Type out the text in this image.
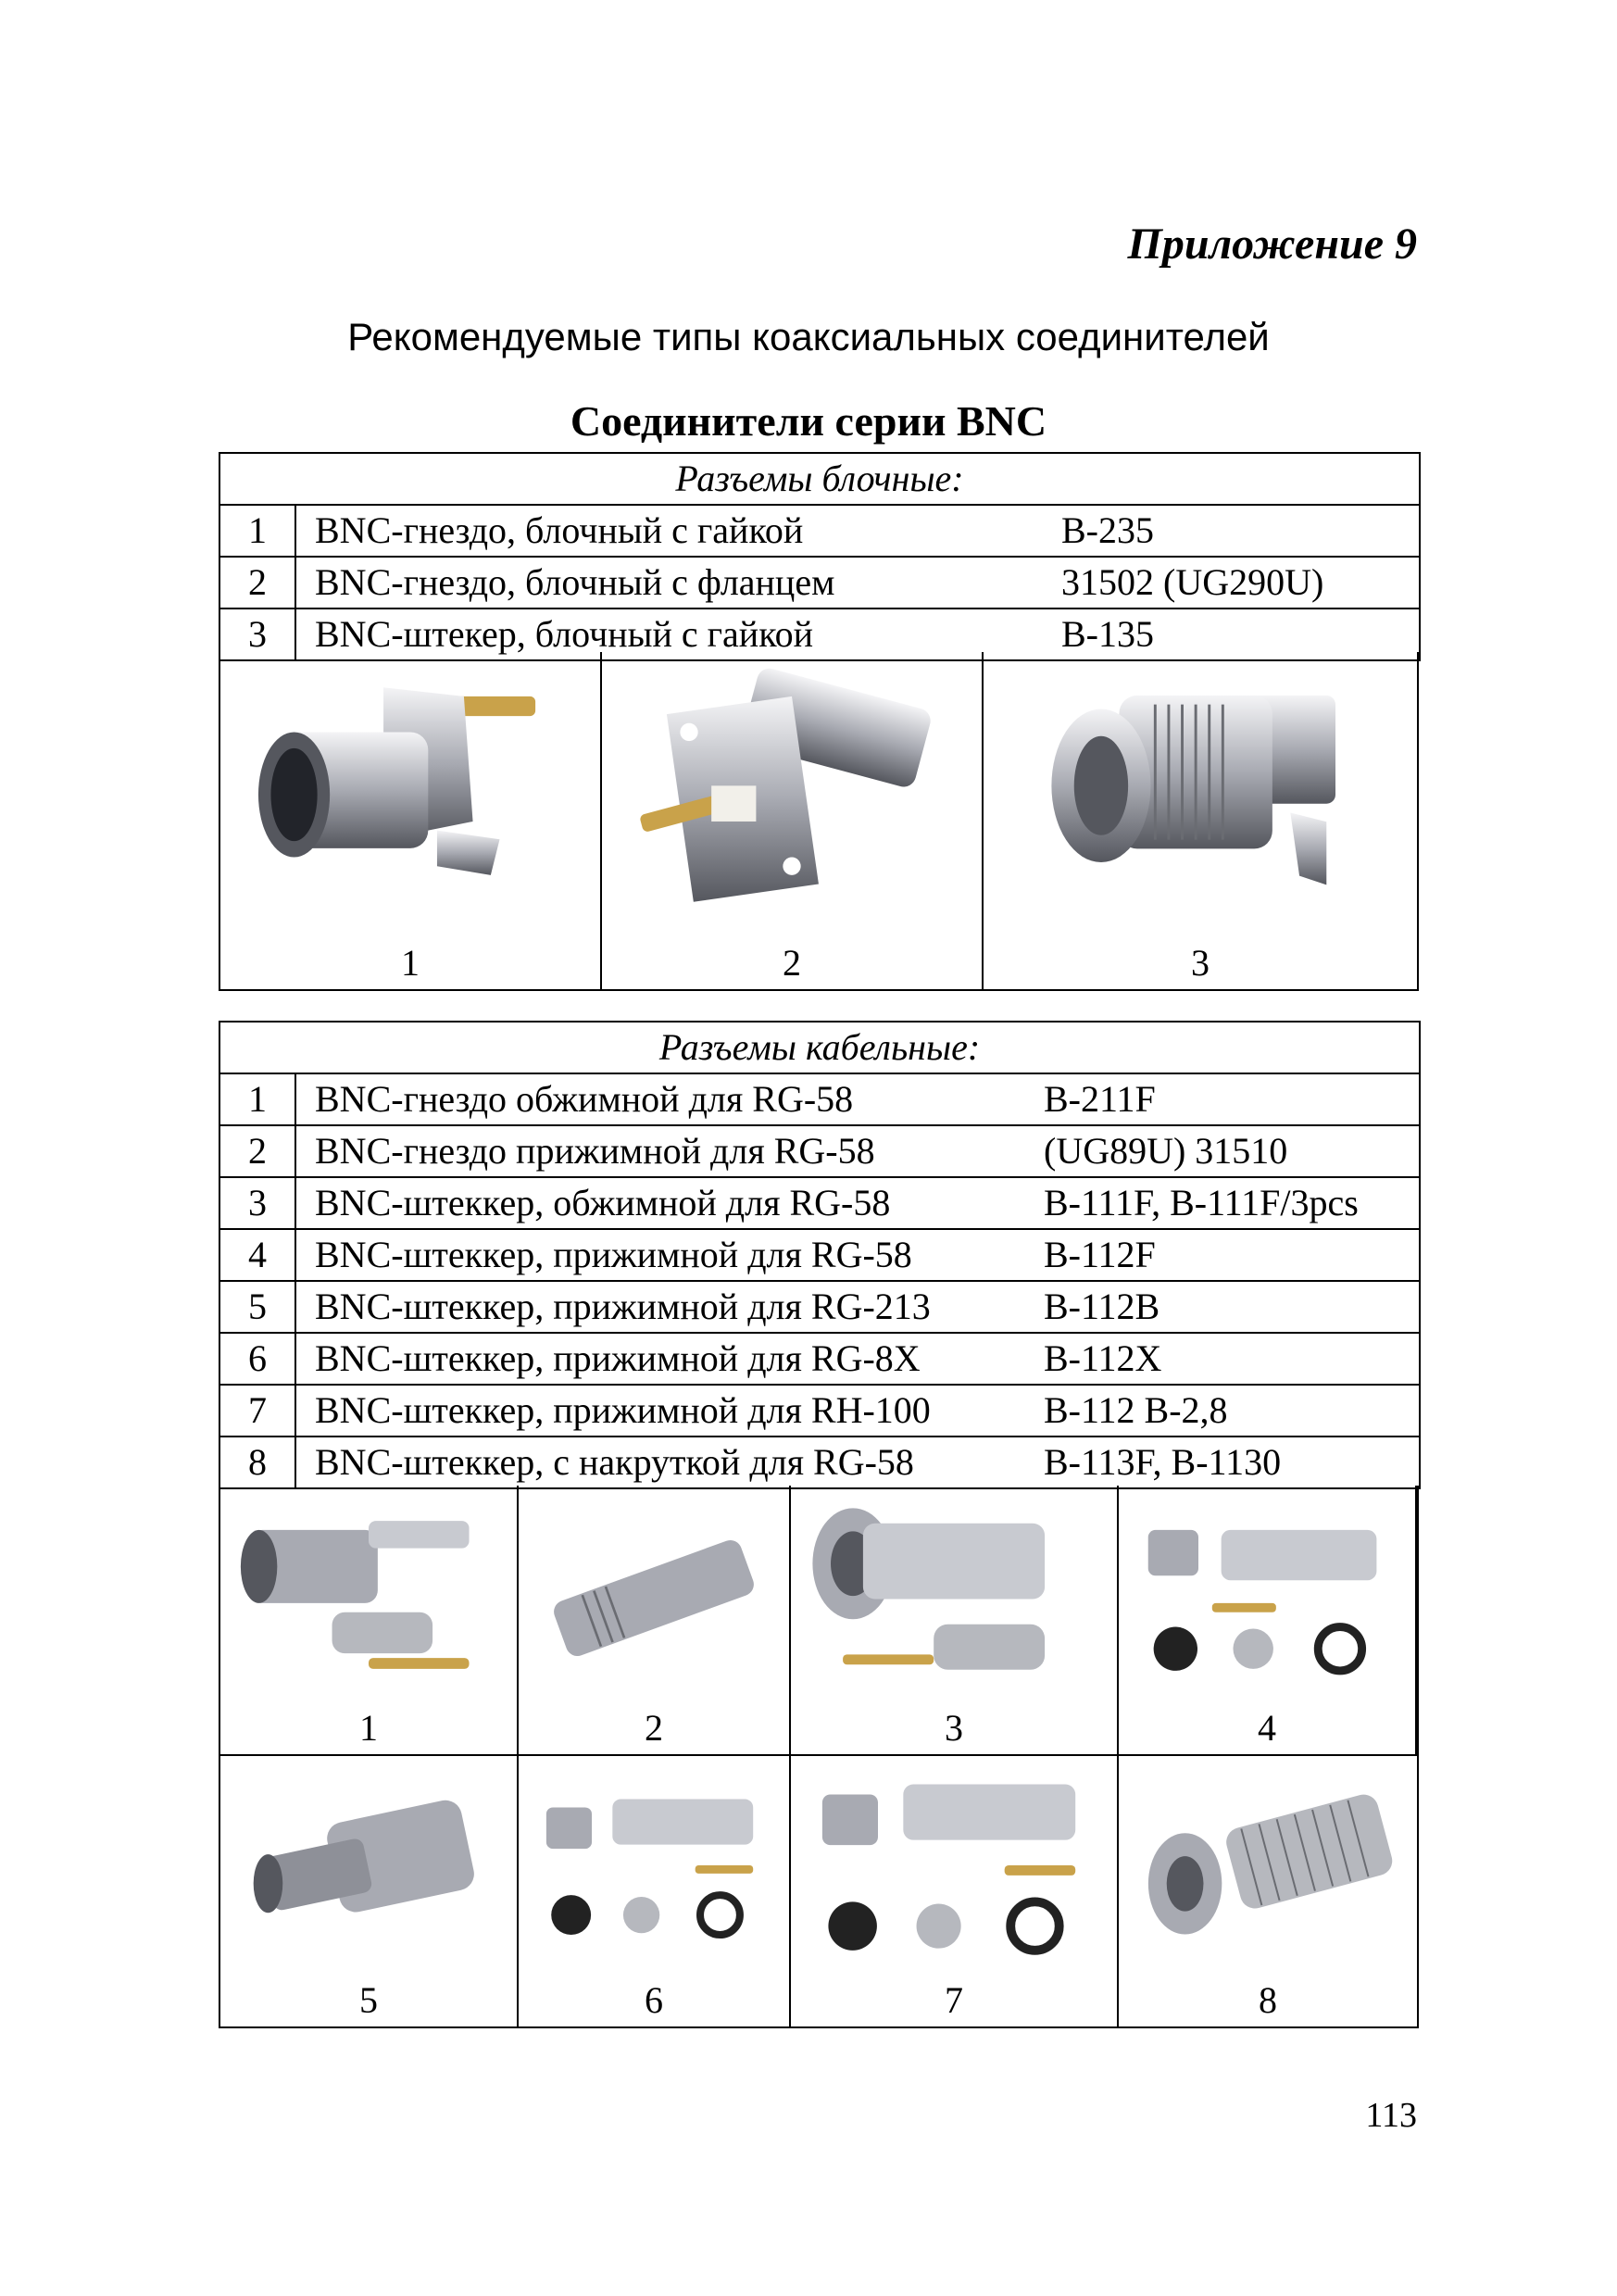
Приложение 9
Рекомендуемые типы коаксиальных соединителей
Соединители серии BNC
Разъемы блочные:		
1	BNC-гнездо, блочный с гайкой	B-235
2	BNC-гнездо, блочный с фланцем	31502 (UG290U)
3	BNC-штекер, блочный с гайкой	B-135
1	2	3
Разъемы кабельные:		
1	BNC-гнездо обжимной для RG-58	B-211F
2	BNC-гнездо прижимной для RG-58	(UG89U) 31510
3	BNC-штеккер, обжимной для RG-58	B-111F, B-111F/3pcs
4	BNC-штеккер, прижимной для RG-58	B-112F
5	BNC-штеккер, прижимной для RG-213	B-112B
6	BNC-штеккер, прижимной для RG-8X	B-112X
7	BNC-штеккер, прижимной для RH-100	B-112 B-2,8
8	BNC-штеккер, с накруткой для RG-58	B-113F, B-1130
1	2	3	4
5	6	7	8
113
